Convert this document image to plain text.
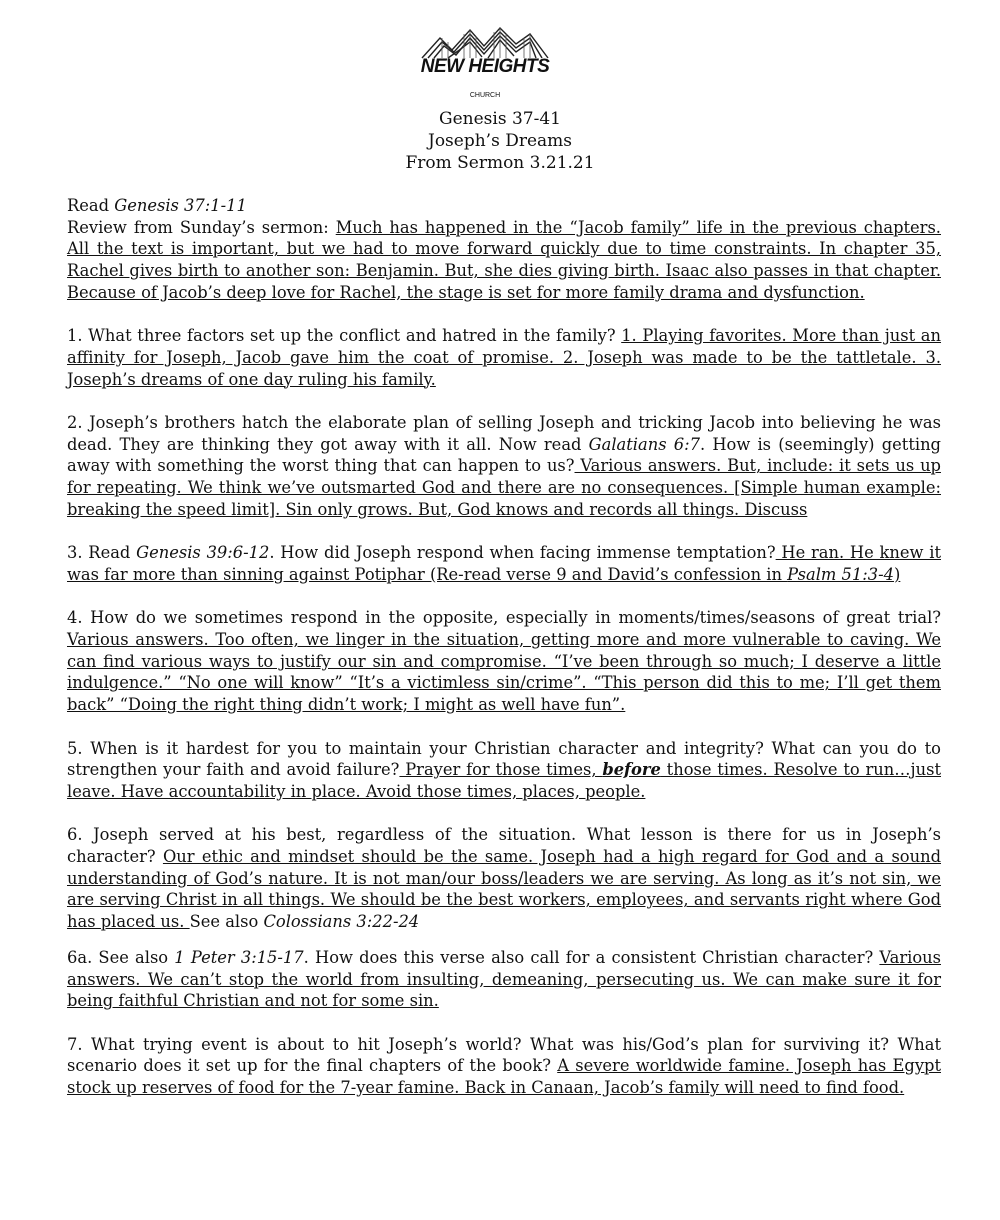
NEW HEIGHTS
CHURCH
Genesis 37-41
Joseph’s Dreams
From Sermon 3.21.21

Read Genesis 37:1-11
Review from Sunday’s sermon: Much has happened in the “Jacob family” life in the previous chapters. All the text is important, but we had to move forward quickly due to time constraints. In chapter 35, Rachel gives birth to another son: Benjamin. But, she dies giving birth. Isaac also passes in that chapter. Because of Jacob’s deep love for Rachel, the stage is set for more family drama and dysfunction.

1. What three factors set up the conflict and hatred in the family? 1. Playing favorites. More than just an affinity for Joseph, Jacob gave him the coat of promise. 2. Joseph was made to be the tattletale. 3. Joseph’s dreams of one day ruling his family.

2. Joseph’s brothers hatch the elaborate plan of selling Joseph and tricking Jacob into believing he was dead. They are thinking they got away with it all. Now read Galatians 6:7. How is (seemingly) getting away with something the worst thing that can happen to us? Various answers. But, include: it sets us up for repeating. We think we’ve outsmarted God and there are no consequences. [Simple human example: breaking the speed limit]. Sin only grows. But, God knows and records all things. Discuss

3. Read Genesis 39:6-12. How did Joseph respond when facing immense temptation? He ran. He knew it was far more than sinning against Potiphar (Re-read verse 9 and David’s confession in Psalm 51:3-4)

4. How do we sometimes respond in the opposite, especially in moments/times/seasons of great trial? Various answers. Too often, we linger in the situation, getting more and more vulnerable to caving. We can find various ways to justify our sin and compromise. “I’ve been through so much; I deserve a little indulgence.” “No one will know” “It’s a victimless sin/crime”. “This person did this to me; I’ll get them back” “Doing the right thing didn’t work; I might as well have fun”.

5. When is it hardest for you to maintain your Christian character and integrity? What can you do to strengthen your faith and avoid failure? Prayer for those times, before those times. Resolve to run…just leave. Have accountability in place. Avoid those times, places, people.

6. Joseph served at his best, regardless of the situation. What lesson is there for us in Joseph’s character? Our ethic and mindset should be the same. Joseph had a high regard for God and a sound understanding of God’s nature. It is not man/our boss/leaders we are serving. As long as it’s not sin, we are serving Christ in all things. We should be the best workers, employees, and servants right where God has placed us. See also Colossians 3:22-24

6a. See also 1 Peter 3:15-17. How does this verse also call for a consistent Christian character? Various answers. We can’t stop the world from insulting, demeaning, persecuting us. We can make sure it for being faithful Christian and not for some sin.

7. What trying event is about to hit Joseph’s world? What was his/God’s plan for surviving it? What scenario does it set up for the final chapters of the book? A severe worldwide famine. Joseph has Egypt stock up reserves of food for the 7-year famine. Back in Canaan, Jacob’s family will need to find food.
